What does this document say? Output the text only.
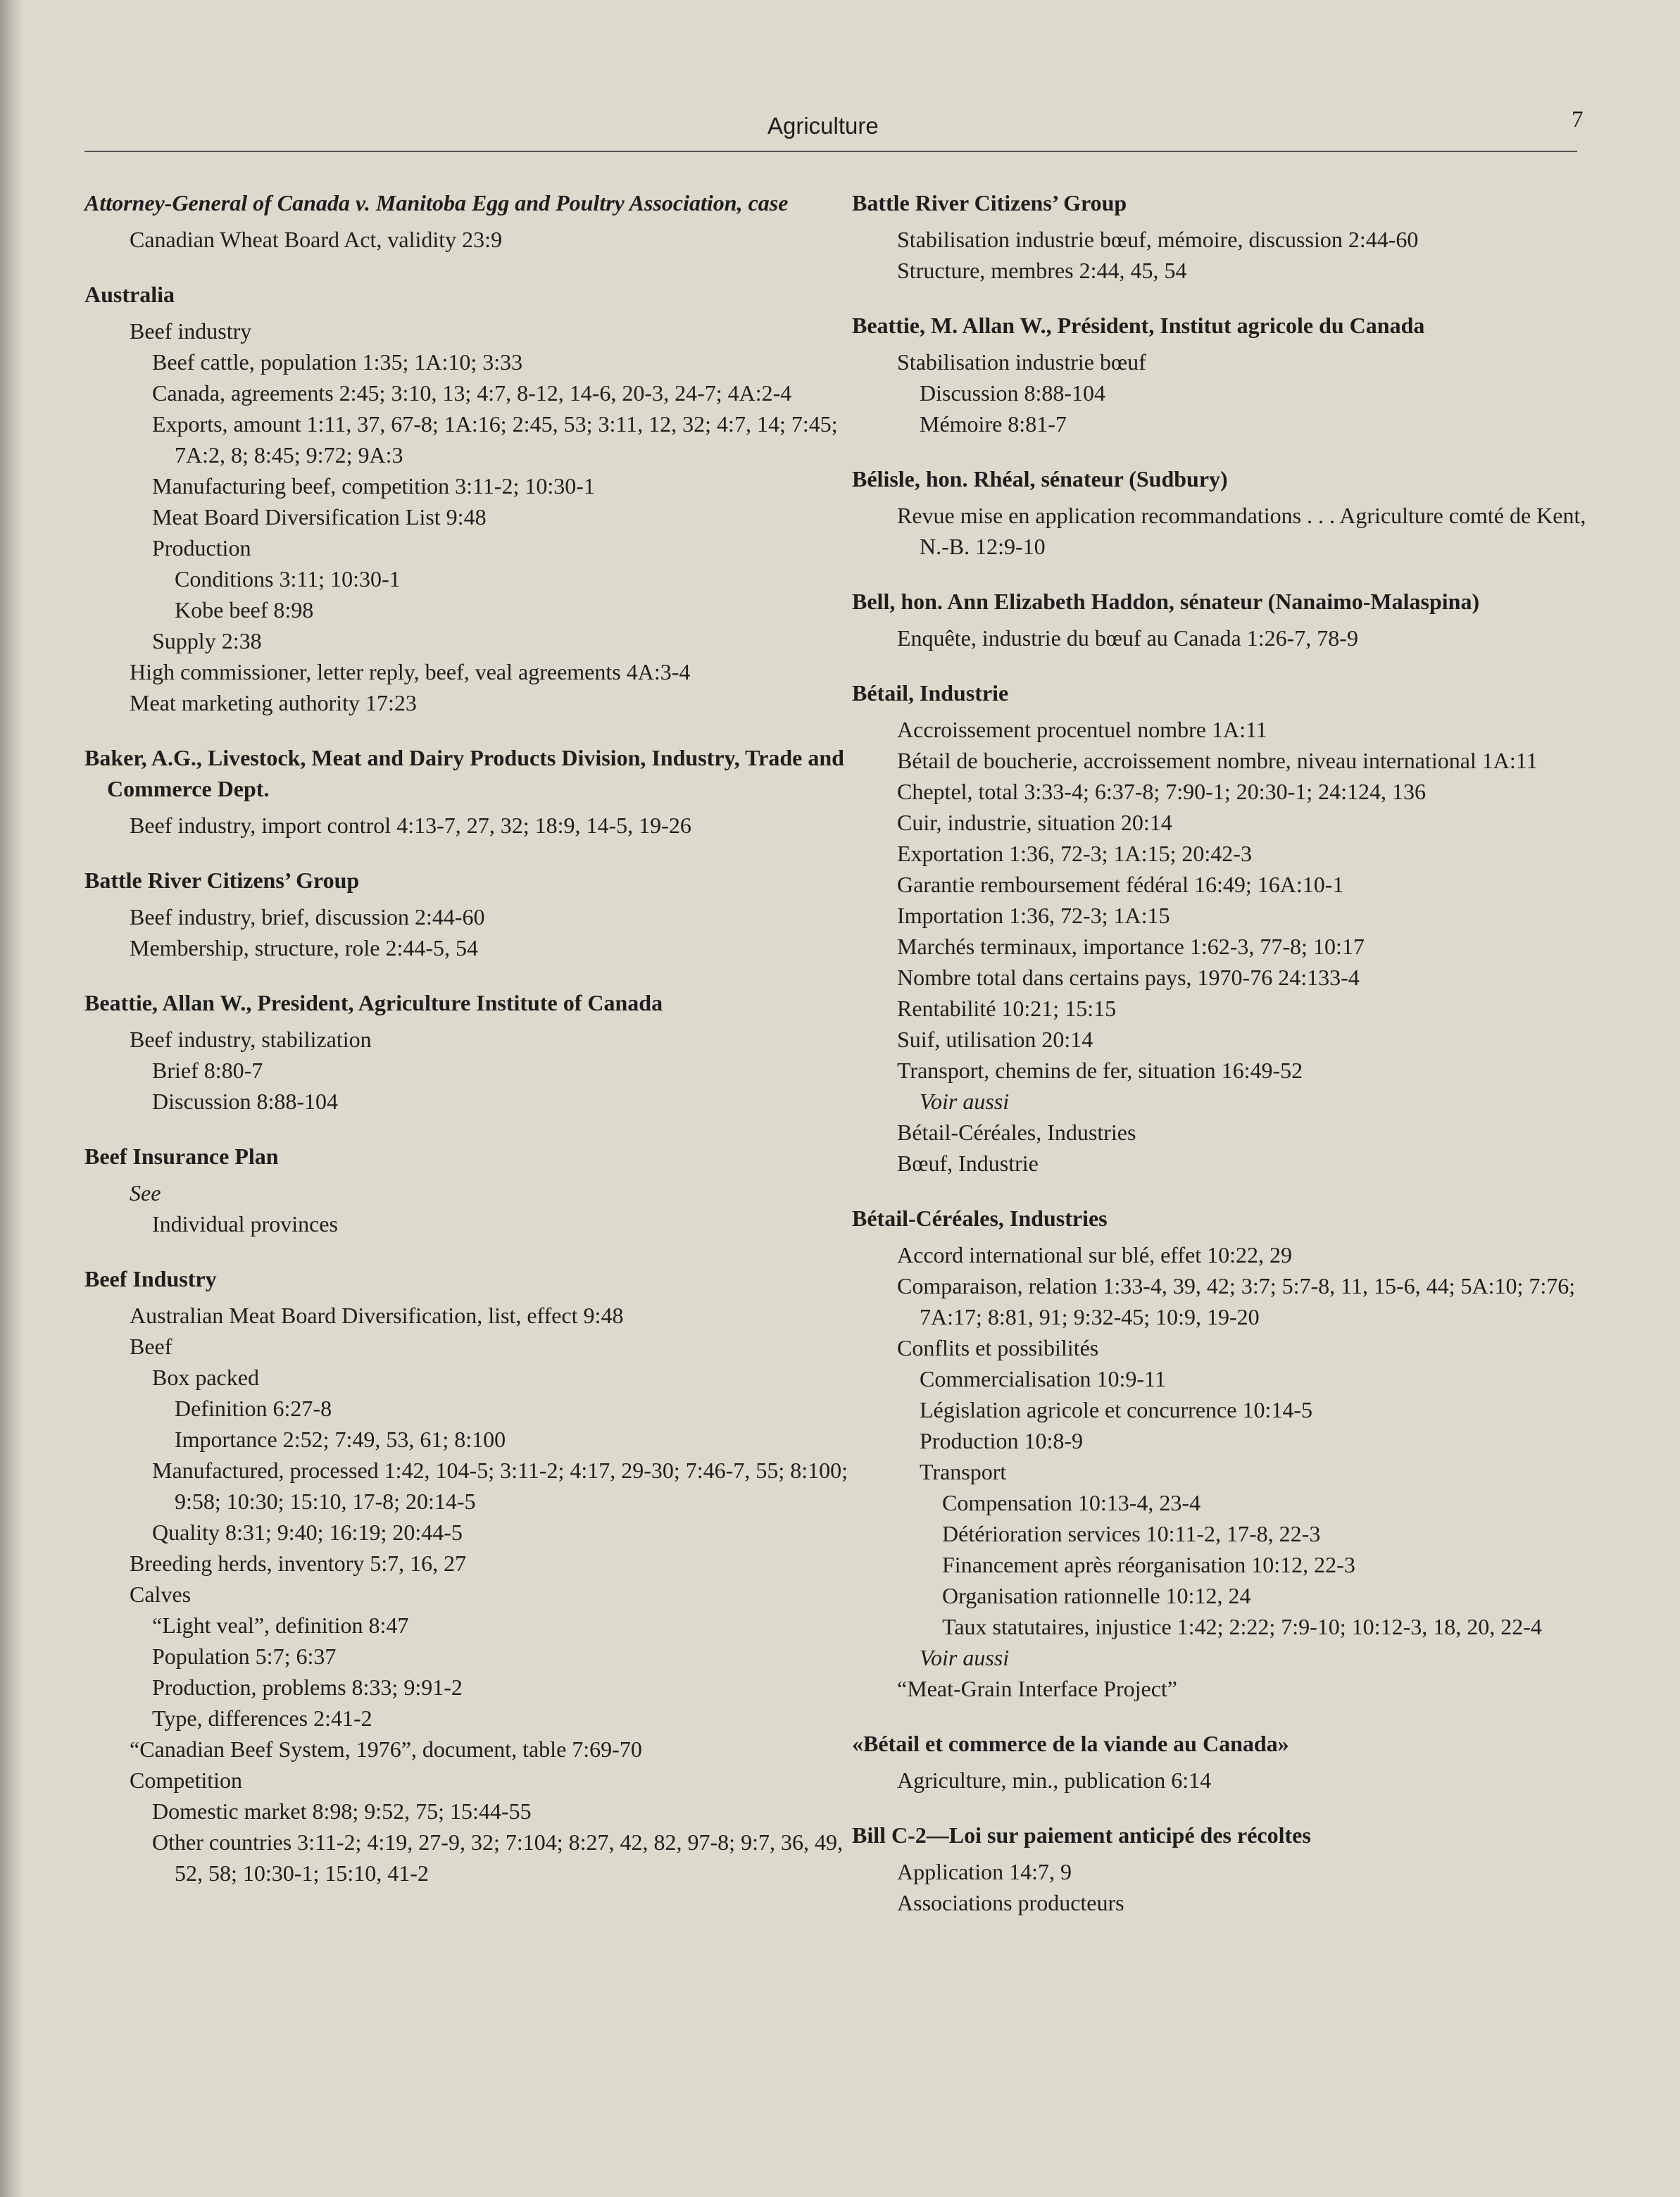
Agriculture	7
Attorney-General of Canada v. Manitoba Egg and Poultry Association, case
Canadian Wheat Board Act, validity 23:9
Australia
Beef industry
Beef cattle, population 1:35; 1A:10; 3:33
Canada, agreements 2:45; 3:10, 13; 4:7, 8-12, 14-6, 20-3, 24-7; 4A:2-4
Exports, amount 1:11, 37, 67-8; 1A:16; 2:45, 53; 3:11, 12, 32; 4:7, 14; 7:45; 7A:2, 8; 8:45; 9:72; 9A:3
Manufacturing beef, competition 3:11-2; 10:30-1
Meat Board Diversification List 9:48
Production
Conditions 3:11; 10:30-1
Kobe beef 8:98
Supply 2:38
High commissioner, letter reply, beef, veal agreements 4A:3-4
Meat marketing authority 17:23
Baker, A.G., Livestock, Meat and Dairy Products Division, Industry, Trade and Commerce Dept.
Beef industry, import control 4:13-7, 27, 32; 18:9, 14-5, 19-26
Battle River Citizens’ Group
Beef industry, brief, discussion 2:44-60
Membership, structure, role 2:44-5, 54
Beattie, Allan W., President, Agriculture Institute of Canada
Beef industry, stabilization
Brief 8:80-7
Discussion 8:88-104
Beef Insurance Plan
See
Individual provinces
Beef Industry
Australian Meat Board Diversification, list, effect 9:48
Beef
Box packed
Definition 6:27-8
Importance 2:52; 7:49, 53, 61; 8:100
Manufactured, processed 1:42, 104-5; 3:11-2; 4:17, 29-30; 7:46-7, 55; 8:100; 9:58; 10:30; 15:10, 17-8; 20:14-5
Quality 8:31; 9:40; 16:19; 20:44-5
Breeding herds, inventory 5:7, 16, 27
Calves
“Light veal”, definition 8:47
Population 5:7; 6:37
Production, problems 8:33; 9:91-2
Type, differences 2:41-2
“Canadian Beef System, 1976”, document, table 7:69-70
Competition
Domestic market 8:98; 9:52, 75; 15:44-55
Other countries 3:11-2; 4:19, 27-9, 32; 7:104; 8:27, 42, 82, 97-8; 9:7, 36, 49, 52, 58; 10:30-1; 15:10, 41-2
Battle River Citizens’ Group
Stabilisation industrie bœuf, mémoire, discussion 2:44-60
Structure, membres 2:44, 45, 54
Beattie, M. Allan W., Président, Institut agricole du Canada
Stabilisation industrie bœuf
Discussion 8:88-104
Mémoire 8:81-7
Bélisle, hon. Rhéal, sénateur (Sudbury)
Revue mise en application recommandations . . . Agriculture comté de Kent, N.-B. 12:9-10
Bell, hon. Ann Elizabeth Haddon, sénateur (Nanaimo-Malaspina)
Enquête, industrie du bœuf au Canada 1:26-7, 78-9
Bétail, Industrie
Accroissement procentuel nombre 1A:11
Bétail de boucherie, accroissement nombre, niveau international 1A:11
Cheptel, total 3:33-4; 6:37-8; 7:90-1; 20:30-1; 24:124, 136
Cuir, industrie, situation 20:14
Exportation 1:36, 72-3; 1A:15; 20:42-3
Garantie remboursement fédéral 16:49; 16A:10-1
Importation 1:36, 72-3; 1A:15
Marchés terminaux, importance 1:62-3, 77-8; 10:17
Nombre total dans certains pays, 1970-76 24:133-4
Rentabilité 10:21; 15:15
Suif, utilisation 20:14
Transport, chemins de fer, situation 16:49-52
Voir aussi
Bétail-Céréales, Industries
Bœuf, Industrie
Bétail-Céréales, Industries
Accord international sur blé, effet 10:22, 29
Comparaison, relation 1:33-4, 39, 42; 3:7; 5:7-8, 11, 15-6, 44; 5A:10; 7:76; 7A:17; 8:81, 91; 9:32-45; 10:9, 19-20
Conflits et possibilités
Commercialisation 10:9-11
Législation agricole et concurrence 10:14-5
Production 10:8-9
Transport
Compensation 10:13-4, 23-4
Détérioration services 10:11-2, 17-8, 22-3
Financement après réorganisation 10:12, 22-3
Organisation rationnelle 10:12, 24
Taux statutaires, injustice 1:42; 2:22; 7:9-10; 10:12-3, 18, 20, 22-4
Voir aussi
“Meat-Grain Interface Project”
«Bétail et commerce de la viande au Canada»
Agriculture, min., publication 6:14
Bill C-2—Loi sur paiement anticipé des récoltes
Application 14:7, 9
Associations producteurs
